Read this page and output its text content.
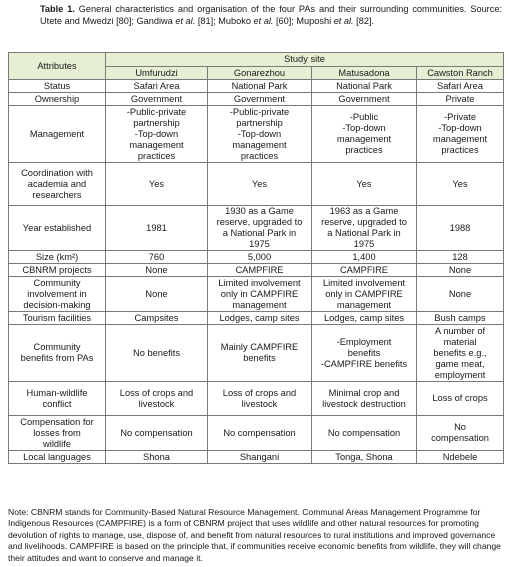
Table 1. General characteristics and organisation of the four PAs and their surrounding communities. Source: Utete and Mwedzi [80]; Gandiwa et al. [81]; Muboko et al. [60]; Muposhi et al. [82].
Attributes	Study site			
	Umfurudzi	Gonarezhou	Matusadona	Cawston Ranch
Status	Safari Area	National Park	National Park	Safari Area
Ownership	Government	Government	Government	Private
Management	-Public-private
partnership
-Top-down
management
practices	-Public-private
partnership
-Top-down
management
practices	-Public
-Top-down
management
practices	-Private
-Top-down
management
practices
Coordination with
academia and
researchers	Yes	Yes	Yes	Yes
Year established	1981	1930 as a Game
reserve, upgraded to
a National Park in
1975	1963 as a Game
reserve, upgraded to
a National Park in
1975	1988
Size (km²)	760	5,000	1,400	128
CBNRM projects	None	CAMPFIRE	CAMPFIRE	None
Community
involvement in
decision-making	None	Limited involvement
only in CAMPFIRE
management	Limited involvement
only in CAMPFIRE
management	None
Tourism facilities	Campsites	Lodges, camp sites	Lodges, camp sites	Bush camps
Community
benefits from PAs	No benefits	Mainly CAMPFIRE
benefits	-Employment
benefits
-CAMPFIRE benefits	A number of
material
benefits e.g.,
game meat,
employment
Human-wildlife
conflict	Loss of crops and
livestock	Loss of crops and
livestock	Minimal crop and
livestock destruction	Loss of crops
Compensation for
losses from
wildlife	No compensation	No compensation	No compensation	No
compensation
Local languages	Shona	Shangani	Tonga, Shona	Ndebele
Note: CBNRM stands for Community-Based Natural Resource Management. Communal Areas Management Programme for Indigenous Resources (CAMPFIRE) is a form of CBNRM project that uses wildlife and other natural resources for promoting devolution of rights to manage, use, dispose of, and benefit from natural resources to rural institutions and improved governance and livelihoods. CAMPFIRE is based on the principle that, if communities receive economic benefits from wildlife, they will change their attitudes and want to conserve and manage it.
